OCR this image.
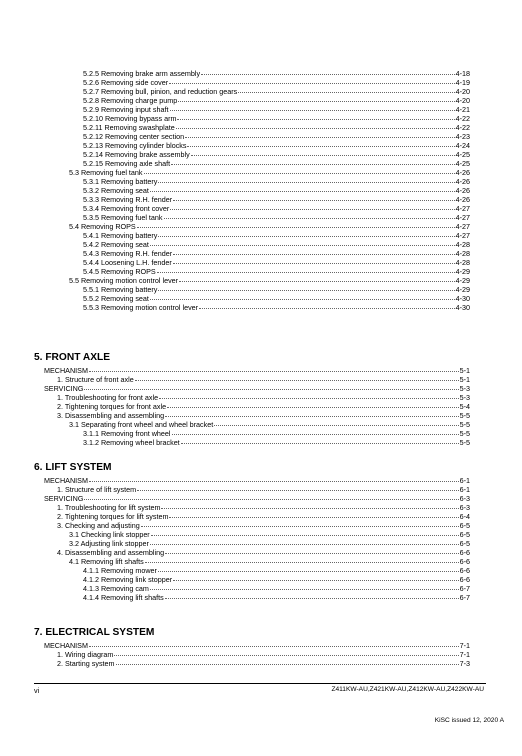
5.2.5 Removing brake arm assembly	4-18
5.2.6 Removing side cover	4-19
5.2.7 Removing bull, pinion, and reduction gears	4-20
5.2.8 Removing charge pump	4-20
5.2.9 Removing input shaft	4-21
5.2.10 Removing bypass arm	4-22
5.2.11 Removing swashplate	4-22
5.2.12 Removing center section	4-23
5.2.13 Removing cylinder blocks	4-24
5.2.14 Removing brake assembly	4-25
5.2.15 Removing axle shaft	4-25
5.3 Removing fuel tank	4-26
5.3.1 Removing battery	4-26
5.3.2 Removing seat	4-26
5.3.3 Removing R.H. fender	4-26
5.3.4 Removing front cover	4-27
5.3.5 Removing fuel tank	4-27
5.4 Removing ROPS	4-27
5.4.1 Removing battery	4-27
5.4.2 Removing seat	4-28
5.4.3 Removing R.H. fender	4-28
5.4.4 Loosening L.H. fender	4-28
5.4.5 Removing ROPS	4-29
5.5 Removing motion control lever	4-29
5.5.1 Removing battery	4-29
5.5.2 Removing seat	4-30
5.5.3 Removing motion control lever	4-30
MECHANISM	5-1
1. Structure of front axle	5-1
SERVICING	5-3
1. Troubleshooting for front axle	5-3
2. Tightening torques for front axle	5-4
3. Disassembling and assembling	5-5
3.1 Separating front wheel and wheel bracket	5-5
3.1.1 Removing front wheel	5-5
3.1.2 Removing wheel bracket	5-5
MECHANISM	6-1
1. Structure of lift system	6-1
SERVICING	6-3
1. Troubleshooting for lift system	6-3
2. Tightening torques for lift system	6-4
3. Checking and adjusting	6-5
3.1 Checking link stopper	6-5
3.2 Adjusting link stopper	6-5
4. Disassembling and assembling	6-6
4.1 Removing lift shafts	6-6
4.1.1 Removing mower	6-6
4.1.2 Removing link stopper	6-6
4.1.3 Removing cam	6-7
4.1.4 Removing lift shafts	6-7
MECHANISM	7-1
1. Wiring diagram	7-1
2. Starting system	7-3
5. FRONT AXLE
6. LIFT SYSTEM
7. ELECTRICAL SYSTEM
vi	Z411KW-AU,Z421KW-AU,Z412KW-AU,Z422KW-AU
KiSC issued 12, 2020 A
